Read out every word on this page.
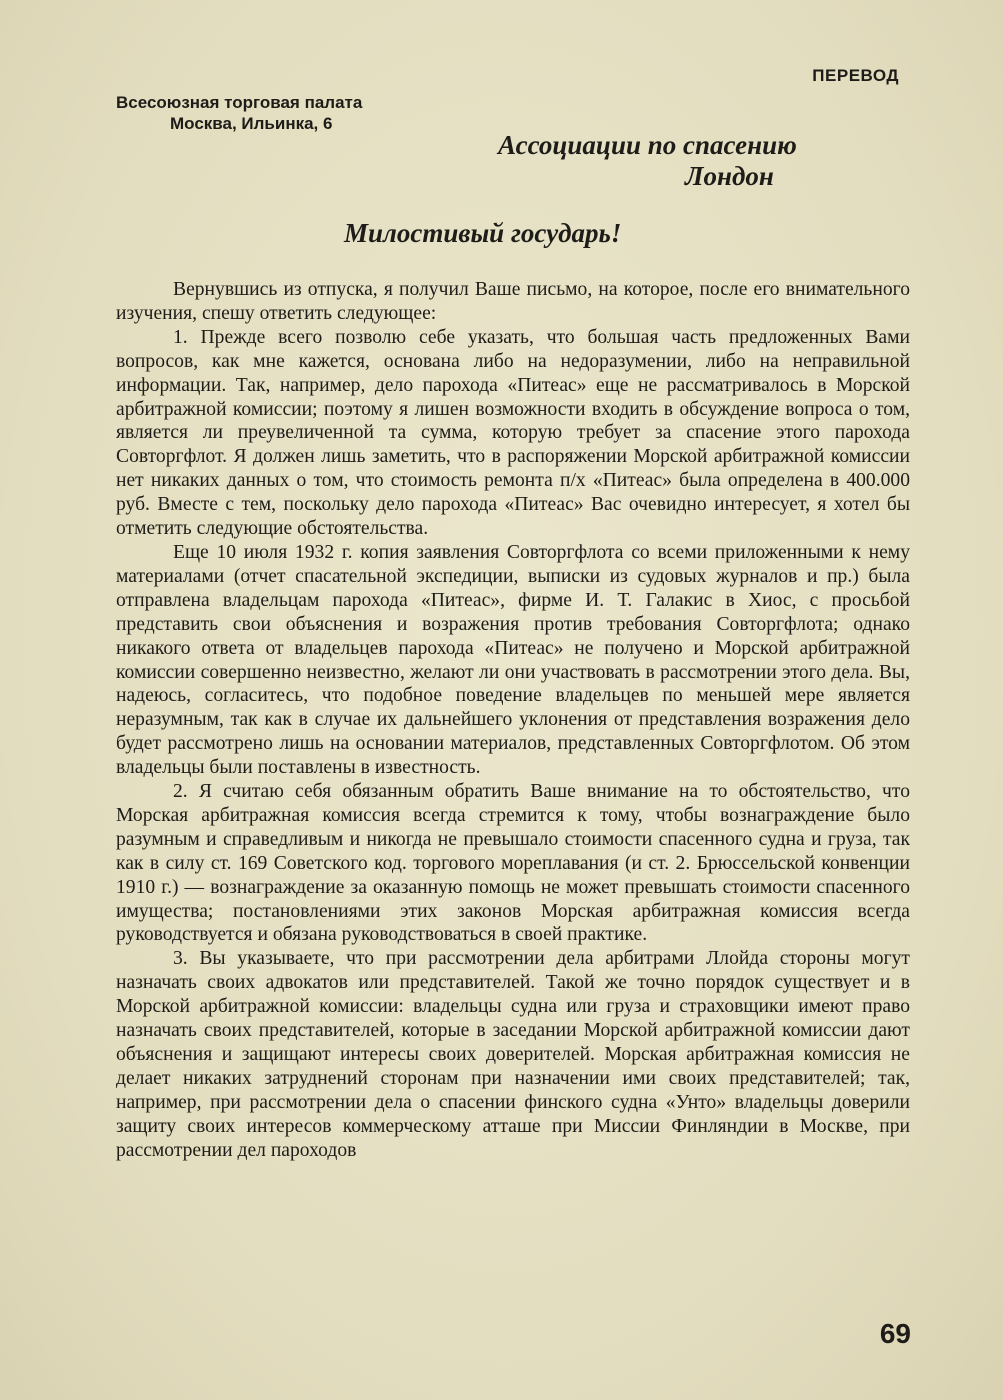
ПЕРЕВОД
Всесоюзная торговая палата
Москва, Ильинка, 6
Ассоциации по спасению
Лондон
Милостивый государь!

Вернувшись из отпуска, я получил Ваше письмо, на которое, после его внимательного изучения, спешу ответить следующее:

1. Прежде всего позволю себе указать, что большая часть предложенных Вами вопросов, как мне кажется, основана либо на недоразумении, либо на неправильной информации. Так, например, дело парохода «Питеас» еще не рассматривалось в Морской арбитражной комиссии; поэтому я лишен возможности входить в обсуждение вопроса о том, является ли преувеличенной та сумма, которую требует за спасение этого парохода Совторгфлот. Я должен лишь заметить, что в распоряжении Морской арбитражной комиссии нет никаких данных о том, что стоимость ремонта п/х «Питеас» была определена в 400.000 руб. Вместе с тем, поскольку дело парохода «Питеас» Вас очевидно интересует, я хотел бы отметить следующие обстоятельства.

Еще 10 июля 1932 г. копия заявления Совторгфлота со всеми приложенными к нему материалами (отчет спасательной экспедиции, выписки из судовых журналов и пр.) была отправлена владельцам парохода «Питеас», фирме И. Т. Галакис в Хиос, с просьбой представить свои объяснения и возражения против требования Совторгфлота; однако никакого ответа от владельцев парохода «Питеас» не получено и Морской арбитражной комиссии совершенно неизвестно, желают ли они участвовать в рассмотрении этого дела. Вы, надеюсь, согласитесь, что подобное поведение владельцев по меньшей мере является неразумным, так как в случае их дальнейшего уклонения от представления возражения дело будет рассмотрено лишь на основании материалов, представленных Совторгфлотом. Об этом владельцы были поставлены в известность.

2. Я считаю себя обязанным обратить Ваше внимание на то обстоятельство, что Морская арбитражная комиссия всегда стремится к тому, чтобы вознаграждение было разумным и справедливым и никогда не превышало стоимости спасенного судна и груза, так как в силу ст. 169 Советского код. торгового мореплавания (и ст. 2. Брюссельской конвенции 1910 г.) — вознаграждение за оказанную помощь не может превышать стоимости спасенного имущества; постановлениями этих законов Морская арбитражная комиссия всегда руководствуется и обязана руководствоваться в своей практике.

3. Вы указываете, что при рассмотрении дела арбитрами Ллойда стороны могут назначать своих адвокатов или представителей. Такой же точно порядок существует и в Морской арбитражной комиссии: владельцы судна или груза и страховщики имеют право назначать своих представителей, которые в заседании Морской арбитражной комиссии дают объяснения и защищают интересы своих доверителей. Морская арбитражная комиссия не делает никаких затруднений сторонам при назначении ими своих представителей; так, например, при рассмотрении дела о спасении финского судна «Унто» владельцы доверили защиту своих интересов коммерческому атташе при Миссии Финляндии в Москве, при рассмотрении дел пароходов

69
